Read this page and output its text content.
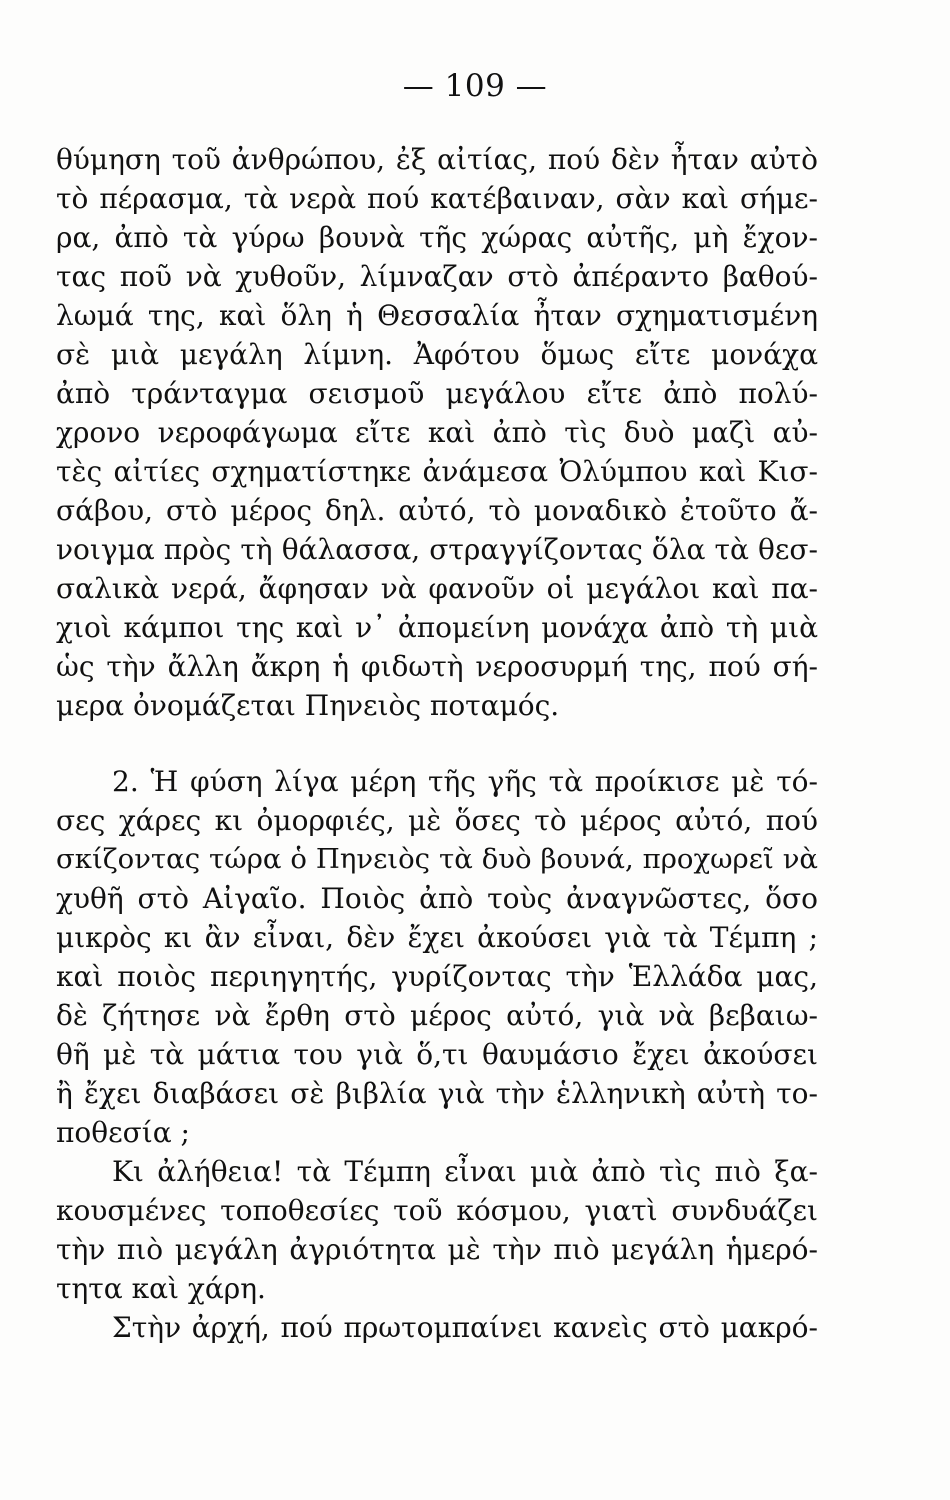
— 109 —
θύμηση τοῦ ἀνθρώπου, ἐξ αἰτίας, πού δὲν ἦταν αὐτὸ
τὸ πέρασμα, τὰ νερὰ πού κατέβαιναν, σὰν καὶ σήμε-
ρα, ἀπὸ τὰ γύρω βουνὰ τῆς χώρας αὐτῆς, μὴ ἔχον-
τας ποῦ νὰ χυθοῦν, λίμναζαν στὸ ἀπέραντο βαθού-
λωμά της, καὶ ὅλη ἡ Θεσσαλία ἦταν σχηματισμένη
σὲ μιὰ μεγάλη λίμνη. Ἀφότου ὅμως εἴτε μονάχα
ἀπὸ τράνταγμα σεισμοῦ μεγάλου εἴτε ἀπὸ πολύ-
χρονο νεροφάγωμα εἴτε καὶ ἀπὸ τὶς δυὸ μαζὶ αὐ-
τὲς αἰτίες σχηματίστηκε ἀνάμεσα Ὀλύμπου καὶ Κισ-
σάβου, στὸ μέρος δηλ. αὐτό, τὸ μοναδικὸ ἐτοῦτο ἄ-
νοιγμα πρὸς τὴ θάλασσα, στραγγίζοντας ὅλα τὰ θεσ-
σαλικὰ νερά, ἄφησαν νὰ φανοῦν οἱ μεγάλοι καὶ πα-
χιοὶ κάμποι της καὶ ν᾽ ἀπομείνη μονάχα ἀπὸ τὴ μιὰ
ὡς τὴν ἄλλη ἄκρη ἡ φιδωτὴ νεροσυρμή της, πού σή-
μερα ὀνομάζεται Πηνειὸς ποταμός.
2. Ἡ φύση λίγα μέρη τῆς γῆς τὰ προίκισε μὲ τό-
σες χάρες κι ὀμορφιές, μὲ ὅσες τὸ μέρος αὐτό, πού
σκίζοντας τώρα ὁ Πηνειὸς τὰ δυὸ βουνά, προχωρεῖ νὰ
χυθῆ στὸ Αἰγαῖο. Ποιὸς ἀπὸ τοὺς ἀναγνῶστες, ὅσο
μικρὸς κι ἂν εἶναι, δὲν ἔχει ἀκούσει γιὰ τὰ Τέμπη ;
καὶ ποιὸς περιηγητής, γυρίζοντας τὴν Ἑλλάδα μας,
δὲ ζήτησε νὰ ἔρθη στὸ μέρος αὐτό, γιὰ νὰ βεβαιω-
θῆ μὲ τὰ μάτια του γιὰ ὅ,τι θαυμάσιο ἔχει ἀκούσει
ἢ ἔχει διαβάσει σὲ βιβλία γιὰ τὴν ἑλληνικὴ αὐτὴ το-
ποθεσία ;
Κι ἀλήθεια! τὰ Τέμπη εἶναι μιὰ ἀπὸ τὶς πιὸ ξα-
κουσμένες τοποθεσίες τοῦ κόσμου, γιατὶ συνδυάζει
τὴν πιὸ μεγάλη ἀγριότητα μὲ τὴν πιὸ μεγάλη ἡμερό-
τητα καὶ χάρη.
Στὴν ἀρχή, πού πρωτομπαίνει κανεὶς στὸ μακρό-
